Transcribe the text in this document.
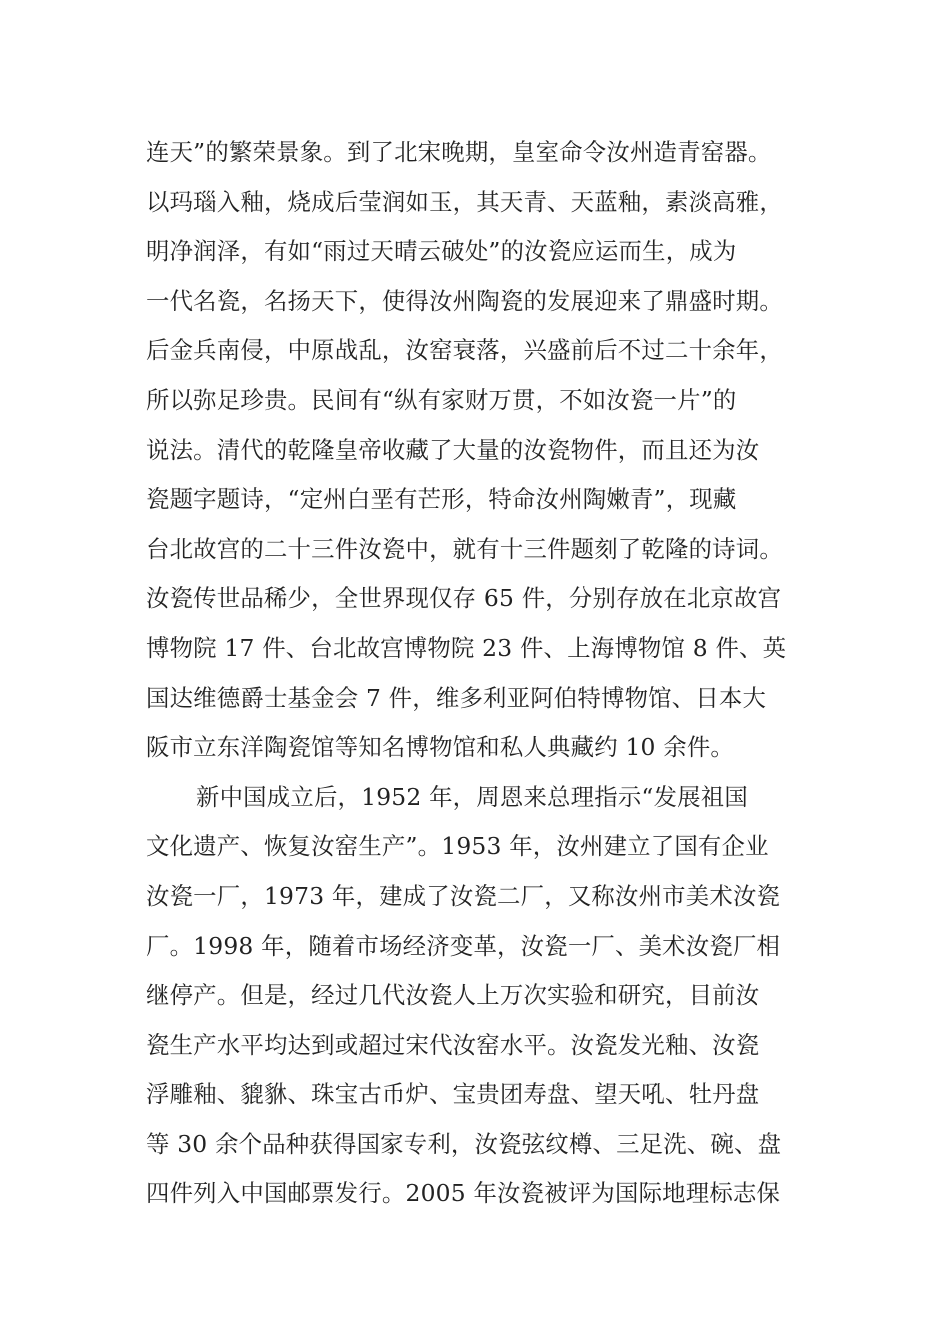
连天”的繁荣景象。到了北宋晚期，皇室命令汝州造青窑器。
以玛瑙入釉，烧成后莹润如玉，其天青、天蓝釉，素淡高雅，
明净润泽，有如“雨过天晴云破处”的汝瓷应运而生，成为
一代名瓷，名扬天下，使得汝州陶瓷的发展迎来了鼎盛时期。
后金兵南侵，中原战乱，汝窑衰落，兴盛前后不过二十余年，
所以弥足珍贵。民间有“纵有家财万贯，不如汝瓷一片”的
说法。清代的乾隆皇帝收藏了大量的汝瓷物件，而且还为汝
瓷题字题诗，“定州白垩有芒形，特命汝州陶嫩青”，现藏
台北故宫的二十三件汝瓷中，就有十三件题刻了乾隆的诗词。
汝瓷传世品稀少，全世界现仅存 65 件，分别存放在北京故宫
博物院 17 件、台北故宫博物院 23 件、上海博物馆 8 件、英
国达维德爵士基金会 7 件，维多利亚阿伯特博物馆、日本大
阪市立东洋陶瓷馆等知名博物馆和私人典藏约 10 余件。
新中国成立后，1952 年，周恩来总理指示“发展祖国
文化遗产、恢复汝窑生产”。1953 年，汝州建立了国有企业
汝瓷一厂，1973 年，建成了汝瓷二厂，又称汝州市美术汝瓷
厂。1998 年，随着市场经济变革，汝瓷一厂、美术汝瓷厂相
继停产。但是，经过几代汝瓷人上万次实验和研究，目前汝
瓷生产水平均达到或超过宋代汝窑水平。汝瓷发光釉、汝瓷
浮雕釉、貔貅、珠宝古币炉、宝贵团寿盘、望天吼、牡丹盘
等 30 余个品种获得国家专利，汝瓷弦纹樽、三足洗、碗、盘
四件列入中国邮票发行。2005 年汝瓷被评为国际地理标志保
